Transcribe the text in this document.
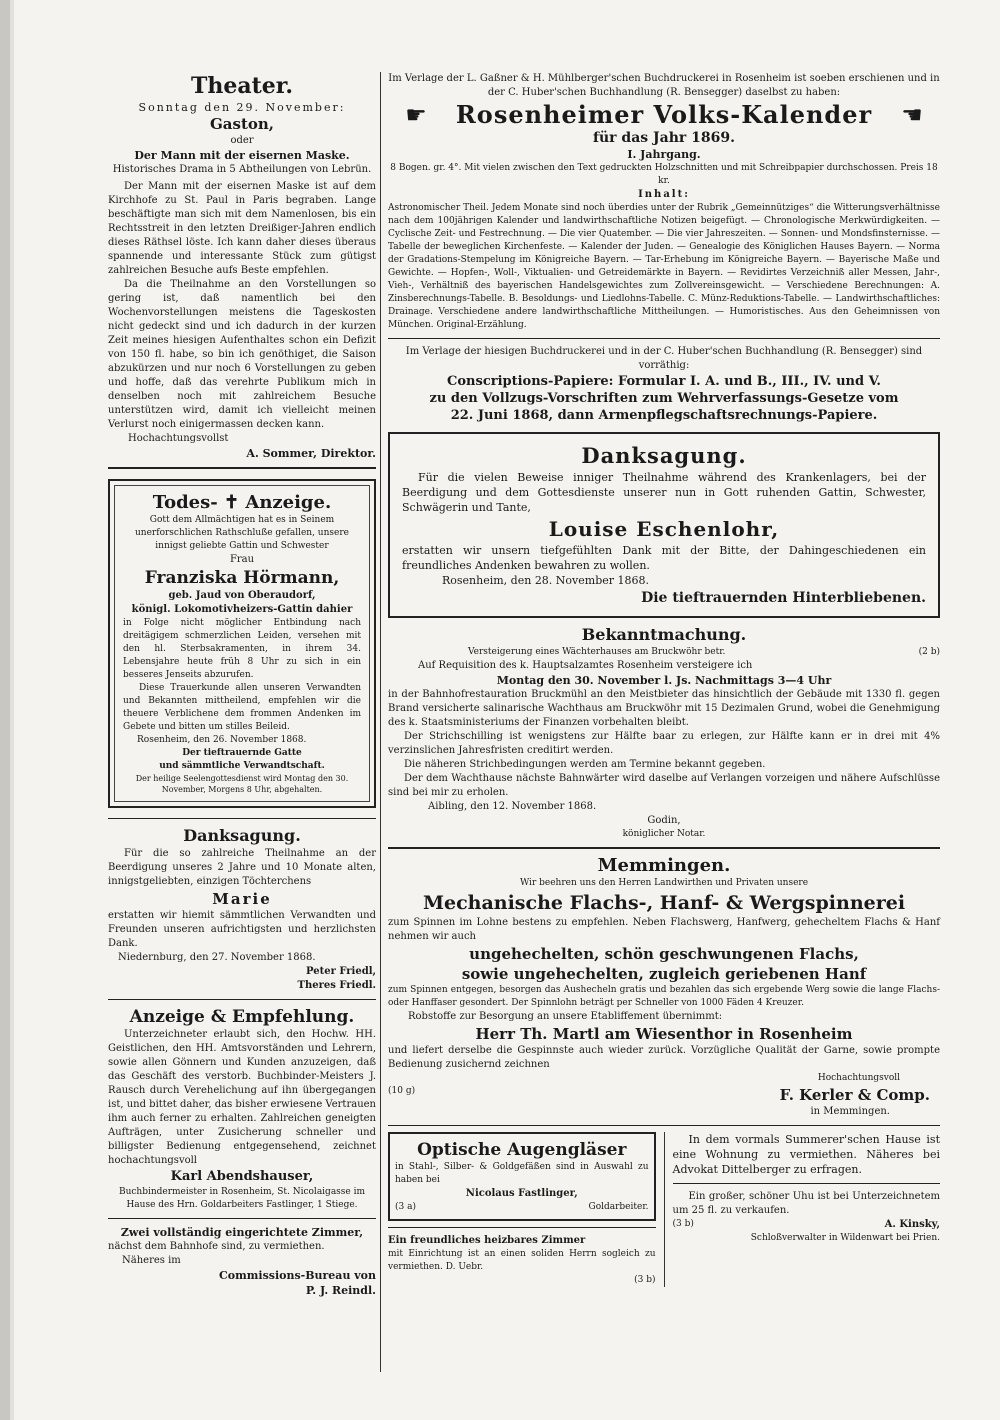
Theater.

Sonntag den 29. November:

Gaston,

oder

Der Mann mit der eisernen Maske.

Historisches Drama in 5 Abtheilungen von Lebrün.

Der Mann mit der eisernen Maske ist auf dem Kirchhofe zu St. Paul in Paris begraben. Lange beschäftigte man sich mit dem Namenlosen, bis ein Rechtsstreit in den letzten Dreißiger-Jahren endlich dieses Räthsel löste. Ich kann daher dieses überaus spannende und interessante Stück zum gütigst zahlreichen Besuche aufs Beste empfehlen.

Da die Theilnahme an den Vorstellungen so gering ist, daß namentlich bei den Wochenvorstellungen meistens die Tageskosten nicht gedeckt sind und ich dadurch in der kurzen Zeit meines hiesigen Aufenthaltes schon ein Defizit von 150 fl. habe, so bin ich genöthiget, die Saison abzukürzen und nur noch 6 Vorstellungen zu geben und hoffe, daß das verehrte Publikum mich in denselben noch mit zahlreichem Besuche unterstützen wird, damit ich vielleicht meinen Verlurst noch einigermassen decken kann.

Hochachtungsvollst

A. Sommer, Direktor.

Todes- ✝ Anzeige.

Gott dem Allmächtigen hat es in Seinem unerforschlichen Rathschluße gefallen, unsere innigst geliebte Gattin und Schwester

Frau

Franziska Hörmann,

geb. Jaud von Oberaudorf,

königl. Lokomotivheizers-Gattin dahier

in Folge nicht möglicher Entbindung nach dreitägigem schmerzlichen Leiden, versehen mit den hl. Sterbsakramenten, in ihrem 34. Lebensjahre heute früh 8 Uhr zu sich in ein besseres Jenseits abzurufen.

Diese Trauerkunde allen unseren Verwandten und Bekannten mittheilend, empfehlen wir die theuere Verblichene dem frommen Andenken im Gebete und bitten um stilles Beileid.

Rosenheim, den 26. November 1868.

Der tieftrauernde Gatte

und sämmtliche Verwandtschaft.

Der heilige Seelengottesdienst wird Montag den 30. November, Morgens 8 Uhr, abgehalten.

Danksagung.

Für die so zahlreiche Theilnahme an der Beerdigung unseres 2 Jahre und 10 Monate alten, innigstgeliebten, einzigen Töchterchens

Marie

erstatten wir hiemit sämmtlichen Verwandten und Freunden unseren aufrichtigsten und herzlichsten Dank.

Niedernburg, den 27. November 1868.

Peter Friedl,

Theres Friedl.

Anzeige & Empfehlung.

Unterzeichneter erlaubt sich, den Hochw. HH. Geistlichen, den HH. Amtsvorständen und Lehrern, sowie allen Gönnern und Kunden anzuzeigen, daß das Geschäft des verstorb. Buchbinder-Meisters J. Rausch durch Verehelichung auf ihn übergegangen ist, und bittet daher, das bisher erwiesene Vertrauen ihm auch ferner zu erhalten. Zahlreichen geneigten Aufträgen, unter Zusicherung schneller und billigster Bedienung entgegensehend, zeichnet hochachtungsvoll

Karl Abendshauser,

Buchbindermeister in Rosenheim, St. Nicolaigasse im Hause des Hrn. Goldarbeiters Fastlinger, 1 Stiege.

Zwei vollständig eingerichtete Zimmer,

nächst dem Bahnhofe sind, zu vermiethen.

Näheres im

Commissions-Bureau von

P. J. Reindl.

Im Verlage der L. Gaßner & H. Mühlberger'schen Buchdruckerei in Rosenheim ist soeben erschienen und in der C. Huber'schen Buchhandlung (R. Bensegger) daselbst zu haben:

☛	Rosenheimer Volks-Kalender	☚

für das Jahr 1869.

I. Jahrgang.

8 Bogen. gr. 4°. Mit vielen zwischen den Text gedruckten Holzschnitten und mit Schreibpapier durchschossen. Preis 18 kr.

Inhalt:

Astronomischer Theil. Jedem Monate sind noch überdies unter der Rubrik „Gemeinnütziges“ die Witterungsverhältnisse nach dem 100jährigen Kalender und landwirthschaftliche Notizen beigefügt. — Chronologische Merkwürdigkeiten. — Cyclische Zeit- und Festrechnung. — Die vier Quatember. — Die vier Jahreszeiten. — Sonnen- und Mondsfinsternisse. — Tabelle der beweglichen Kirchenfeste. — Kalender der Juden. — Genealogie des Königlichen Hauses Bayern. — Norma der Gradations-Stempelung im Königreiche Bayern. — Tar-Erhebung im Königreiche Bayern. — Bayerische Maße und Gewichte. — Hopfen-, Woll-, Viktualien- und Getreidemärkte in Bayern. — Revidirtes Verzeichniß aller Messen, Jahr-, Vieh-, Verhältniß des bayerischen Handelsgewichtes zum Zollvereinsgewicht. — Verschiedene Berechnungen: A. Zinsberechnungs-Tabelle. B. Besoldungs- und Liedlohns-Tabelle. C. Münz-Reduktions-Tabelle. — Landwirthschaftliches: Drainage. Verschiedene andere landwirthschaftliche Mittheilungen. — Humoristisches. Aus den Geheimnissen von München. Original-Erzählung.

Im Verlage der hiesigen Buchdruckerei und in der C. Huber'schen Buchhandlung (R. Bensegger) sind vorräthig:

Conscriptions-Papiere: Formular I. A. und B., III., IV. und V.

zu den Vollzugs-Vorschriften zum Wehrverfassungs-Gesetze vom

22. Juni 1868, dann Armenpflegschaftsrechnungs-Papiere.

Danksagung.

Für die vielen Beweise inniger Theilnahme während des Krankenlagers, bei der Beerdigung und dem Gottesdienste unserer nun in Gott ruhenden Gattin, Schwester, Schwägerin und Tante,

Louise Eschenlohr,

erstatten wir unsern tiefgefühlten Dank mit der Bitte, der Dahingeschiedenen ein freundliches Andenken bewahren zu wollen.

Rosenheim, den 28. November 1868.

Die tieftrauernden Hinterbliebenen.

Bekanntmachung.

Versteigerung eines Wächterhauses am Bruckwöhr betr.	(2 b)

Auf Requisition des k. Hauptsalzamtes Rosenheim versteigere ich

Montag den 30. November l. Js. Nachmittags 3—4 Uhr

in der Bahnhofrestauration Bruckmühl an den Meistbieter das hinsichtlich der Gebäude mit 1330 fl. gegen Brand versicherte salinarische Wachthaus am Bruckwöhr mit 15 Dezimalen Grund, wobei die Genehmigung des k. Staatsministeriums der Finanzen vorbehalten bleibt.

Der Strichschilling ist wenigstens zur Hälfte baar zu erlegen, zur Hälfte kann er in drei mit 4% verzinslichen Jahresfristen creditirt werden.

Die näheren Strichbedingungen werden am Termine bekannt gegeben.

Der dem Wachthause nächste Bahnwärter wird daselbe auf Verlangen vorzeigen und nähere Aufschlüsse sind bei mir zu erholen.

Aibling, den 12. November 1868.

Godin,

königlicher Notar.

Memmingen.

Wir beehren uns den Herren Landwirthen und Privaten unsere

Mechanische Flachs-, Hanf- & Wergspinnerei

zum Spinnen im Lohne bestens zu empfehlen. Neben Flachswerg, Hanfwerg, gehecheltem Flachs & Hanf nehmen wir auch

ungehechelten, schön geschwungenen Flachs,

sowie ungehechelten, zugleich geriebenen Hanf

zum Spinnen entgegen, besorgen das Aushecheln gratis und bezahlen das sich ergebende Werg sowie die lange Flachs- oder Hanffaser gesondert. Der Spinnlohn beträgt per Schneller von 1000 Fäden 4 Kreuzer.

Robstoffe zur Besorgung an unsere Etabliffement übernimmt:

Herr Th. Martl am Wiesenthor in Rosenheim

und liefert derselbe die Gespinnste auch wieder zurück. Vorzügliche Qualität der Garne, sowie prompte Bedienung zusichernd zeichnen

Hochachtungsvoll

(10 g)	F. Kerler & Comp.

in Memmingen.

Optische Augengläser

in Stahl-, Silber- & Goldgefäßen sind in Auswahl zu haben bei

Nicolaus Fastlinger,

(3 a)	Goldarbeiter.

Ein freundliches heizbares Zimmer

mit Einrichtung ist an einen soliden Herrn sogleich zu vermiethen. D. Uebr.

(3 b)

In dem vormals Summerer'schen Hause ist eine Wohnung zu vermiethen. Näheres bei Advokat Dittelberger zu erfragen.

Ein großer, schöner Uhu ist bei Unterzeichnetem um 25 fl. zu verkaufen.

(3 b)	A. Kinsky,

Schloßverwalter in Wildenwart bei Prien.
